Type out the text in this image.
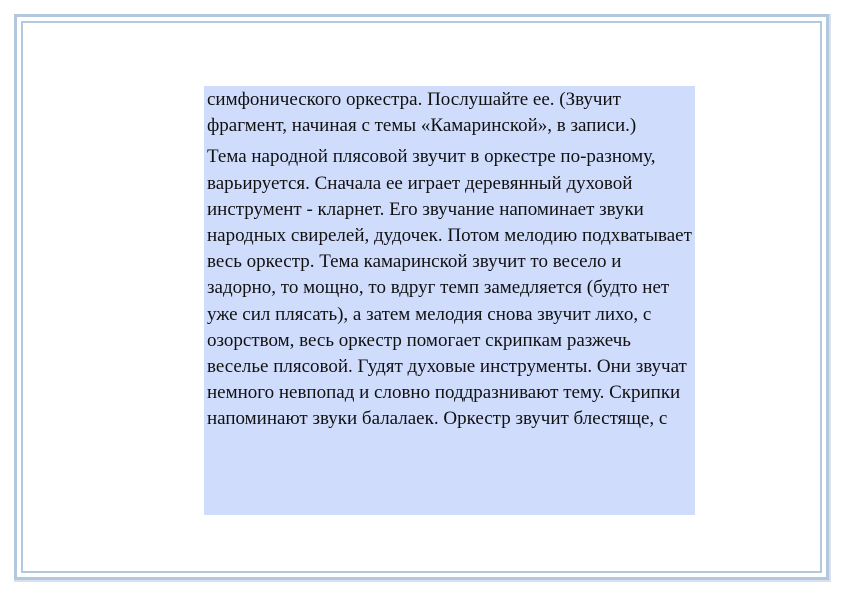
симфонического оркестра. Послушайте ее. (Звучит фрагмент, начиная с темы «Камаринской», в записи.)

Тема народной плясовой звучит в оркестре по-разному, варьируется. Сначала ее играет деревянный духовой инструмент - кларнет. Его звучание напоминает звуки народных свирелей, дудочек. Потом мелодию подхватывает весь оркестр. Тема камаринской звучит то весело и задорно, то мощно, то вдруг темп замедляется (будто нет уже сил плясать), а затем мелодия снова звучит лихо, с озорством, весь оркестр помогает скрипкам разжечь веселье плясовой. Гудят духовые инструменты. Они звучат немного невпопад и словно поддразнивают тему. Скрипки напоминают звуки балалаек. Оркестр звучит блестяще, с
